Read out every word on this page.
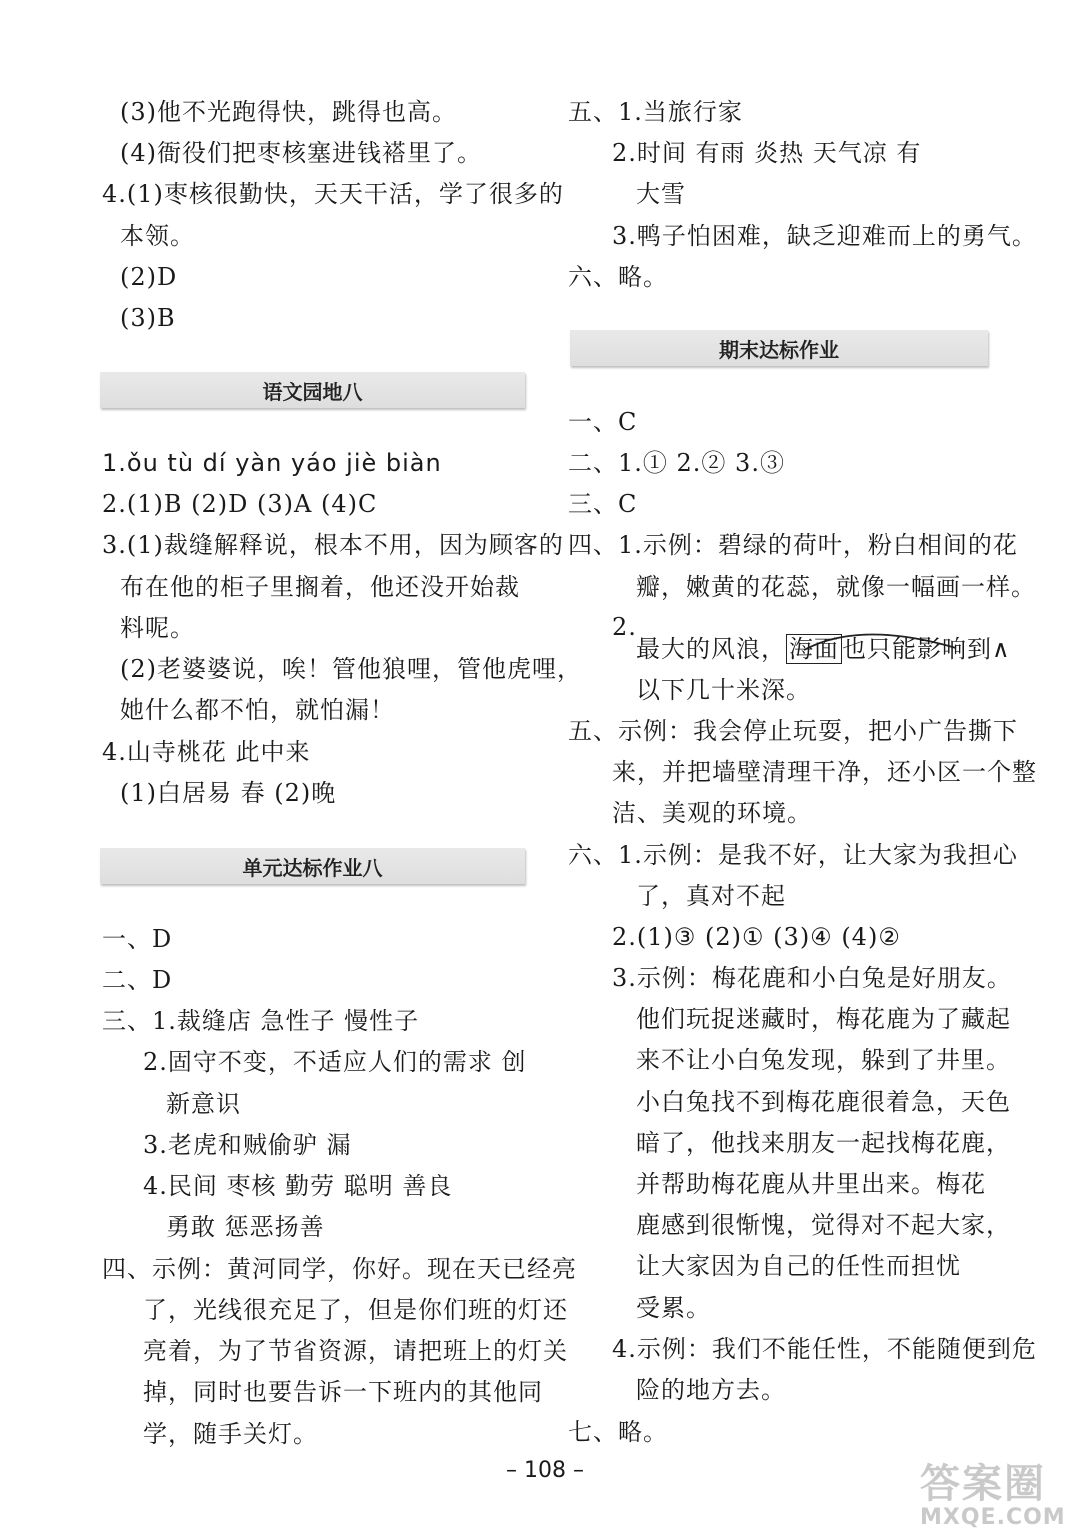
(3)他不光跑得快，跳得也高。
(4)衙役们把枣核塞进钱褡里了。
4.(1)枣核很勤快，天天干活，学了很多的
本领。
(2)D
(3)B
语文园地八
1.ǒu tù dí yàn yáo jiè biàn
2.(1)B (2)D (3)A (4)C
3.(1)裁缝解释说，根本不用，因为顾客的
布在他的柜子里搁着，他还没开始裁
料呢。
(2)老婆婆说，唉！管他狼哩，管他虎哩，
她什么都不怕，就怕漏！
4.山寺桃花 此中来
(1)白居易 春 (2)晚
单元达标作业八
一、D
二、D
三、1.裁缝店 急性子 慢性子
2.固守不变，不适应人们的需求 创
新意识
3.老虎和贼偷驴 漏
4.民间 枣核 勤劳 聪明 善良
勇敢 惩恶扬善
四、示例：黄河同学，你好。现在天已经亮
了，光线很充足了，但是你们班的灯还
亮着，为了节省资源，请把班上的灯关
掉，同时也要告诉一下班内的其他同
学，随手关灯。
五、1.当旅行家
2.时间 有雨 炎热 天气凉 有
大雪
3.鸭子怕困难，缺乏迎难而上的勇气。
六、略。
期末达标作业
一、C
二、1.① 2.② 3.③
三、C
四、1.示例：碧绿的荷叶，粉白相间的花
瓣，嫩黄的花蕊，就像一幅画一样。
2.
最大的风浪， 海面 也只能影响到∧
以下几十米深。
五、示例：我会停止玩耍，把小广告撕下
来，并把墙壁清理干净，还小区一个整
洁、美观的环境。
六、1.示例：是我不好，让大家为我担心
了，真对不起
2.(1)③ (2)① (3)④ (4)②
3.示例：梅花鹿和小白兔是好朋友。
他们玩捉迷藏时，梅花鹿为了藏起
来不让小白兔发现，躲到了井里。
小白兔找不到梅花鹿很着急，天色
暗了，他找来朋友一起找梅花鹿，
并帮助梅花鹿从井里出来。梅花
鹿感到很惭愧，觉得对不起大家，
让大家因为自己的任性而担忧
受累。
4.示例：我们不能任性，不能随便到危
险的地方去。
七、略。
– 108 –	答案圈
MXQE.COM
